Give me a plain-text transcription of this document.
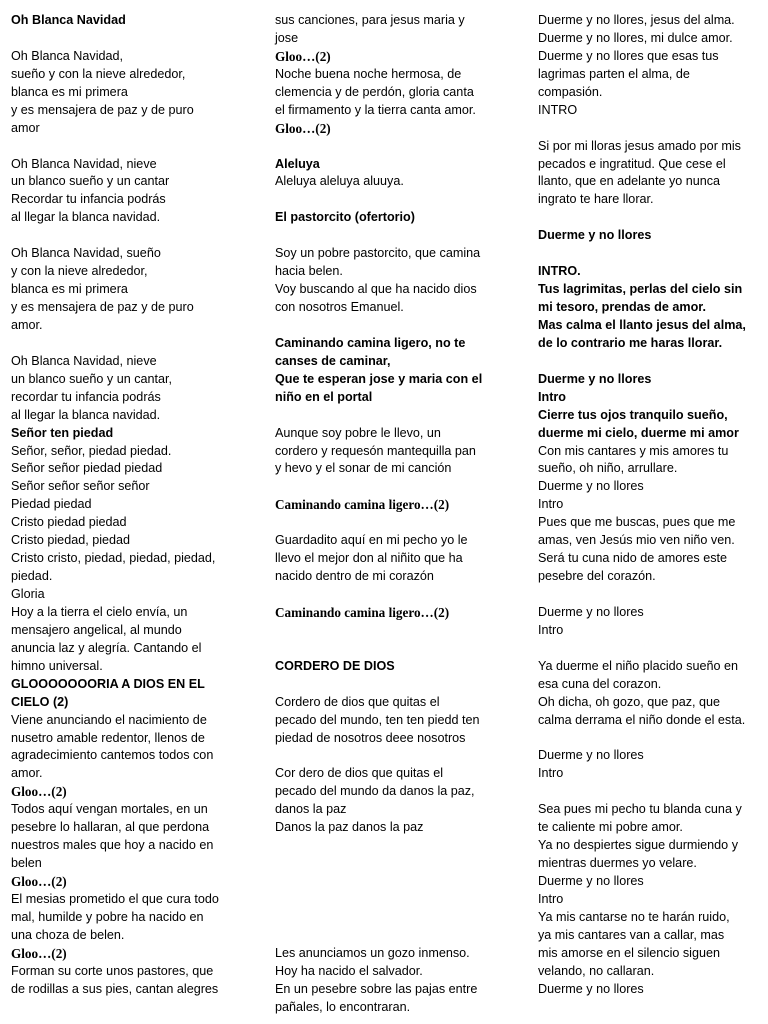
Oh Blanca Navidad
Oh Blanca Navidad,
sueño y con la nieve alrededor,
blanca es mi primera
y es mensajera de paz y de puro
amor
Oh Blanca Navidad, nieve
un blanco sueño y un cantar
Recordar tu infancia podrás
al llegar la blanca navidad.
Oh Blanca Navidad, sueño
y con la nieve alrededor,
blanca es mi primera
y es mensajera de paz y de puro
amor.
Oh Blanca Navidad, nieve
un blanco sueño y un cantar,
recordar tu infancia podrás
al llegar la blanca navidad.
Señor ten piedad
Señor, señor, piedad piedad.
Señor señor piedad piedad
Señor señor señor señor
Piedad piedad
Cristo piedad piedad
Cristo piedad, piedad
Cristo cristo, piedad, piedad, piedad,
piedad.
Gloria
Hoy a la tierra el cielo envía, un
mensajero angelical, al mundo
anuncia laz y alegría. Cantando el
himno universal.
GLOOOOOOORIA A DIOS EN EL
CIELO (2)
Viene anunciando el nacimiento de
nusetro amable redentor, llenos de
agradecimiento cantemos todos con
amor.
Gloo…(2)
Todos aquí vengan mortales, en un
pesebre lo hallaran, al que perdona
nuestros males que hoy a nacido en
belen
Gloo…(2)
El mesias prometido el que cura todo
mal, humilde y pobre ha nacido en
una choza de belen.
Gloo…(2)
Forman su corte unos pastores, que
de rodillas a sus pies, cantan alegres
sus canciones, para jesus maria y
jose
Gloo…(2)
Noche buena noche hermosa, de
clemencia y de perdón, gloria canta
el firmamento y la tierra canta amor.
Gloo…(2)
Aleluya
Aleluya aleluya aluuya.
El pastorcito (ofertorio)
Soy un pobre pastorcito, que camina
hacia belen.
Voy buscando al que ha nacido dios
con nosotros Emanuel.
Caminando camina ligero, no te
canses de caminar,
Que te esperan jose y maria con el
niño en el portal
Aunque soy pobre le llevo, un
cordero y requesón mantequilla pan
y hevo y el sonar de mi canción
Caminando camina ligero…(2)
Guardadito aquí en mi pecho yo le
llevo el mejor don al niñito que ha
nacido dentro de mi corazón
Caminando camina ligero…(2)
CORDERO DE DIOS
Cordero de dios que quitas el
pecado del mundo, ten ten piedd ten
piedad de nosotros deee nosotros
Cor dero de dios que quitas el
pecado del mundo da danos la paz,
danos la paz
Danos la paz danos la paz
Les anunciamos un gozo inmenso.
Hoy ha nacido el salvador.
En un pesebre sobre las pajas entre
pañales, lo encontraran.
Duerme y no llores, jesus del alma.
Duerme y no llores, mi dulce amor.
Duerme y no llores que esas tus
lagrimas parten el alma, de
compasión.
INTRO
Si por mi lloras jesus amado por mis
pecados e ingratitud. Que cese el
llanto, que en adelante yo nunca
ingrato te hare llorar.
Duerme y no llores
INTRO.
Tus lagrimitas, perlas del cielo sin
mi tesoro, prendas de amor.
Mas calma el llanto jesus del alma,
de lo contrario me haras llorar.
Duerme y no llores
Intro
Cierre tus ojos tranquilo sueño,
duerme mi cielo, duerme mi amor
Con mis cantares y mis amores tu
sueño, oh niño, arrullare.
Duerme y no llores
Intro
Pues que me buscas, pues que me
amas, ven Jesús mio ven niño ven.
Será tu cuna nido de amores este
pesebre del corazón.
Duerme y no llores
Intro
Ya duerme el niño placido sueño en
esa cuna del corazon.
Oh dicha, oh gozo, que paz, que
calma derrama el niño donde el esta.
Duerme y no llores
Intro
Sea pues mi pecho tu blanda cuna y
te caliente mi pobre amor.
Ya no despiertes sigue durmiendo y
mientras duermes yo velare.
Duerme y no llores
Intro
Ya mis cantarse no te harán ruido,
ya mis cantares van a callar, mas
mis amorse en el silencio siguen
velando, no callaran.
Duerme y no llores
